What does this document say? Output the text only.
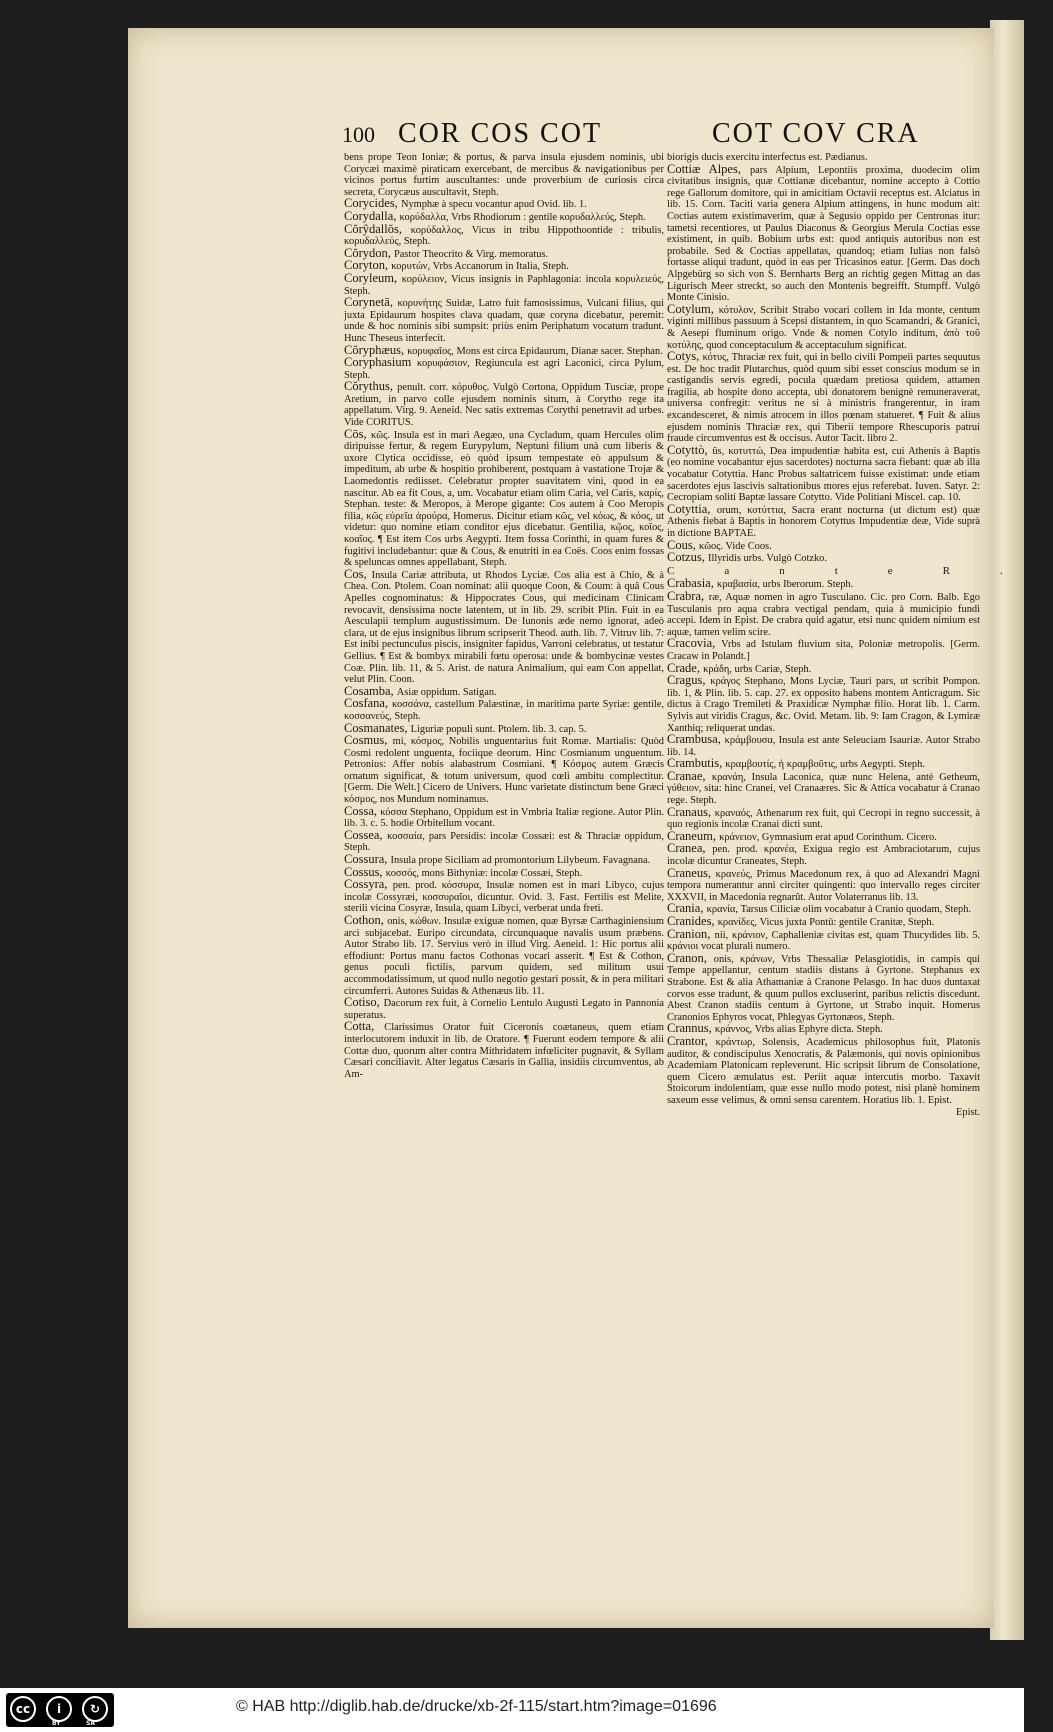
100 COR COS COT	COT COV CRA

bens prope Teon Ioniæ; & portus, & parva insula ejusdem nominis, ubi Corycæi maximè piraticam exercebant, de mercibus & navigationibus per vicinos portus furtim auscultantes: unde proverbium de curiosis circa secreta, Corycæus auscultavit, Steph.

Corycides, Nymphæ à specu vocantur apud Ovid. lib. 1.

Corydalla, κορύδαλλα, Vrbs Rhodiorum : gentile κορυδαλλεύς, Steph.

Cŏrŷdallŏs, κορύδαλλος, Vicus in tribu Hippothoontide : tribulis, κορυδαλλεύς, Steph.

Cŏrydon, Pastor Theocrito & Virg. memoratus.

Coryton, κορυτών, Vrbs Accanorum in Italia, Steph.

Coryleum, κορύλειον, Vicus insignis in Paphlagonia: incola κορυλειεύς, Steph.

Corynetā, κορυνήτης Suidæ, Latro fuit famosissimus, Vulcani filius, qui juxta Epidaurum hospites clava quadam, quæ coryna dicebatur, peremit: unde & hoc nominis sibi sumpsit: priùs enim Periphatum vocatum tradunt. Hunc Theseus interfecit.

Cŏryphæus, κορυφαῖος, Mons est circa Epidaurum, Dianæ sacer. Stephan.

Coryphasium κορυφάσιον, Regiuncula est agri Laconici, circa Pylum, Steph.

Cŏrythus, penult. corr. κόρυθος. Vulgò Cortona, Oppidum Tusciæ, prope Aretium, in parvo colle ejusdem nominis situm, à Corytho rege ita appellatum. Virg. 9. Aeneid. Nec satis extremas Corythi penetravit ad urbes. Vide CORITUS.

Cōs, κῶς. Insula est in mari Aegæo, una Cycladum, quam Hercules olim diripuisse fertur, & regem Eurypylum, Neptuni filium unà cum liberis & uxore Clytica occidisse, eò quòd ipsum tempestate eò appulsum & impeditum, ab urbe & hospitio prohiberent, postquam à vastatione Trojæ & Laomedontis rediisset. Celebratur propter suavitatem vini, quod in ea nascitur. Ab ea fit Cous, a, um. Vocabatur etiam olim Caria, vel Caris, καρίς, Stephan. teste: & Meropos, à Merope gigante: Cos autem à Coo Meropis filia, κῶς εὐρεῖα ἀρούρα, Homerus. Dicitur etiam κῶς, vel κόως, & κόος, ut videtur: quo nomine etiam conditor ejus dicebatur. Gentilia, κῷος, κοῖος, κοαῖος. ¶ Est item Cos urbs Aegypti. Item fossa Corinthi, in quam fures & fugitivi includebantur: quæ & Cous, & enutriti in ea Coës. Coos enim fossas & speluncas omnes appellabant, Steph.

Cos, Insula Cariæ attributa, ut Rhodos Lyciæ. Cos alia est à Chio, & à Chea. Con. Ptolem. Coan nominat: alii quoque Coon, & Coum: à quâ Cous Apelles cognominatus: & Hippocrates Cous, qui medicinam Clinicam revocavit, densissima nocte latentem, ut in lib. 29. scribit Plin. Fuit in ea Aesculapii templum augustissimum. De Iunonis æde nemo ignorat, adeò clara, ut de ejus insignibus librum scripserit Theod. auth. lib. 7. Vitruv lib. 7: Est inibi pectunculus piscis, insigniter fapidus, Varroni celebratus, ut testatur Gellius. ¶ Est & bombyx mirabili fœtu operosa: unde & bombycinæ vestes Coæ. Plin. lib. 11, & 5. Arist. de natura Animalium, qui eam Con appellat, velut Plin. Coon.

Cosamba, Asiæ oppidum. Satigan.

Cosfana, κοσσάνα, castellum Palæstinæ, in maritima parte Syriæ: gentile, κοσσανεύς, Steph.

Cosmanates, Liguriæ populi sunt. Ptolem. lib. 3. cap. 5.

Cosmus, mi, κόσμος, Nobilis unguentarius fuit Romæ. Martialis: Quòd Cosmi redolent unguenta, fociique deorum. Hinc Cosmianum unguentum. Petronius: Affer nobis alabastrum Cosmiani. ¶ Κόσμος autem Græcis ornatum significat, & totum universum, quod cœli ambitu complectitur. [Germ. Die Welt.] Cicero de Univers. Hunc varietate distinctum bene Græci κόσμος, nos Mundum nominamus.

Cossa, κόσσα Stephano, Oppidum est in Vmbria Italiæ regione. Autor Plin. lib. 3. c. 5. hodie Orbitellum vocant.

Cossea, κοσσαία, pars Persidis: incolæ Cossæi: est & Thraciæ oppidum, Steph.

Cossura, Insula prope Siciliam ad promontorium Lilybeum. Favagnana.

Cossus, κοσσός, mons Bithyniæ: incolæ Cossæi, Steph.

Cossyra, pen. prod. κόσσυρα, Insulæ nomen est in mari Libyco, cujus incolæ Cossyræi, κοσσυραῖοι, dicuntur. Ovid. 3. Fast. Fertilis est Melite, sterili vicina Cosyræ, Insula, quam Libyci, verberat unda freti.

Cothon, onis, κώθων. Insulæ exiguæ nomen, quæ Byrsæ Carthaginiensium arci subjacebat. Euripo circundata, circunquaque navalis usum præbens. Autor Strabo lib. 17. Servius verò in illud Virg. Aeneid. 1: Hic portus alii effodiunt: Portus manu factos Cothonas vocari asserit. ¶ Est & Cothon, genus poculi fictilis, parvum quidem, sed militum usui accommodatissimum, ut quod nullo negotio gestari possit, & in pera militari circumferri. Autores Suidas & Athenæus lib. 11.

Cotiso, Dacorum rex fuit, à Cornelio Lentulo Augusti Legato in Pannonia superatus.

Cotta, Clarissimus Orator fuit Ciceronis coætaneus, quem etiam interlocutorem induxit in lib. de Oratore. ¶ Fuerunt eodem tempore & alii Cottæ duo, quorum alter contra Mithridatem infœliciter pugnavit, & Syllam Cæsari conciliavit. Alter legatus Cæsaris in Gallia, insidiis circumventus, ab Am-

biorigis ducis exercitu interfectus est. Pædianus.

Cottiæ Alpes, pars Alpium, Lepontiis proxima, duodecim olim civitatibus insignis, quæ Cottianæ dicebantur, nomine accepto à Cottio rege Gallorum domitore, qui in amicitiam Octavii receptus est. Alciatus in lib. 15. Corn. Taciti varia genera Alpium attingens, in hunc modum ait: Coctias autem existimaverim, quæ à Segusio oppido per Centronas itur: tametsi recentiores, ut Paulus Diaconus & Georgius Merula Coctias esse existiment, in quib. Bobium urbs est: quod antiquis autoribus non est probabile. Sed & Coctias appellatas, quandoq; etiam Iulias non falsò fortasse aliqui tradunt, quòd in eas per Tricasinos eatur. [Germ. Das doch Alpgebürg so sich von S. Bernharts Berg an richtig gegen Mittag an das Ligurisch Meer streckt, so auch den Montenis begreifft. Stumpff. Vulgò Monte Cinisio.

Cotylum, κότυλον, Scribit Strabo vocari collem in Ida monte, centum viginti millibus passuum à Scepsi distantem, in quo Scamandri, & Granici, & Aesepi fluminum origo. Vnde & nomen Cotylo inditum, ἀπὸ τοῦ κοτύλης, quod conceptaculum & acceptaculum significat.

Cotys, κότυς, Thraciæ rex fuit, qui in bello civili Pompeii partes sequutus est. De hoc tradit Plutarchus, quòd quum sibi esset conscius modum se in castigandis servis egredi, pocula quædam pretiosa quidem, attamen fragilia, ab hospite dono accepta, ubi donatorem benignè remuneraverat, universa confregit: veritus ne si à ministris frangerentur, in iram excandesceret, & nimis atrocem in illos pœnam statueret. ¶ Fuit & alius ejusdem nominis Thraciæ rex, qui Tiberii tempore Rhescuporis patrui fraude circumventus est & occisus. Autor Tacit. libro 2.

Cotyttò, ûs, κοτυττώ, Dea impudentiæ habita est, cui Athenis à Baptis (eo nomine vocabantur ejus sacerdotes) nocturna sacra fiebant: quæ ab illa vocabatur Cotyttia. Hanc Probus saltatricem fuisse existimat: unde etiam sacerdotes ejus lascivis saltationibus mores ejus referebat. Iuven. Satyr. 2: Cecropiam soliti Baptæ lassare Cotytto. Vide Politiani Miscel. cap. 10.

Cotyttia, orum, κοτύττια, Sacra erant nocturna (ut dictum est) quæ Athenis fiebat à Baptis in honorem Cotyttus Impudentiæ deæ, Vide suprà in dictione BAPTAE.

Cous, κῶος. Vide Coos.

Cotzus, Illyridis urbs. Vulgò Cotzko.

CanteR.

Crabasia, κραβασία, urbs Iberorum. Steph.

Crabra, ræ, Aquæ nomen in agro Tusculano. Cic. pro Corn. Balb. Ego Tusculanis pro aqua crabra vectigal pendam, quia à municipio fundi accepi. Idem in Epist. De crabra quid agatur, etsi nunc quidem nimium est aquæ, tamen velim scire.

Cracovia, Vrbs ad Istulam fluvium sita, Poloniæ metropolis. [Germ. Cracaw in Polandt.]

Crade, κράδη, urbs Cariæ, Steph.

Cragus, κράγος Stephano, Mons Lyciæ, Tauri pars, ut scribit Pompon. lib. 1, & Plin. lib. 5. cap. 27. ex opposito habens montem Anticragum. Sic dictus à Crago Tremileti & Praxidicæ Nymphæ filio. Horat lib. 1. Carm. Sylvis aut viridis Cragus, &c. Ovid. Metam. lib. 9: Iam Cragon, & Lymiræ Xanthiq; reliquerat undas.

Crambusa, κράμβουσα, Insula est ante Seleuciam Isauriæ. Autor Strabo lib. 14.

Crambutis, κραμβουτίς, ἡ κραμβοῦτις, urbs Aegypti. Steph.

Cranae, κρανάη, Insula Laconica, quæ nunc Helena, antè Getheum, γύθειον, sita: hinc Cranei, vel Cranaæres. Sic & Attica vocabatur à Cranao rege. Steph.

Cranaus, κραναός, Athenarum rex fuit, qui Cecropi in regno successit, à quo regionis incolæ Cranai dicti sunt.

Craneum, κράνειον, Gymnasium erat apud Corinthum. Cicero.

Cranea, pen. prod. κρανέα, Exigua regio est Ambraciotarum, cujus incolæ dicuntur Craneates, Steph.

Craneus, κρανεύς, Primus Macedonum rex, à quo ad Alexandri Magni tempora numerantur anni circiter quingenti: quo intervallo reges circiter XXXVII, in Macedonia regnarût. Autor Volaterranus lib. 13.

Crania, κρανία, Tarsus Ciliciæ olim vocabatur à Cranio quodam, Steph.

Cranides, κρανίδες, Vicus juxta Pontū: gentile Cranitæ, Steph.

Cranion, nii, κράνιον, Caphalleniæ civitas est, quam Thucydides lib. 5. κράνιοι vocat plurali numero.

Cranon, onis, κράνων, Vrbs Thessaliæ Pelasgiotidis, in campis qui Tempe appellantur, centum stadiis distans à Gyrtone. Stephanus ex Strabone. Est & alia Athamaniæ à Cranone Pelasgo. In hac duos duntaxat corvos esse tradunt, & quum pullos excluserint, paribus relictis discedunt. Abest Cranon stadiis centum à Gyrtone, ut Strabo inquit. Homerus Cranonios Ephyros vocat, Phlegyas Gyrtonæos, Steph.

Crannus, κράννος, Vrbs alias Ephyre dicta. Steph.

Crantor, κράντωρ, Solensis, Academicus philosophus fuit, Platonis auditor, & condiscipulus Xenocratis, & Palæmonis, qui novis opinionibus Academiam Platonicam repleverunt. Hic scripsit librum de Consolatione, quem Cicero æmulatus est. Periit aquæ intercutis morbo. Taxavit Stoicorum indolentiam, quæ esse nullo modo potest, nisi planè hominem saxeum esse velimus, & omni sensu carentem. Horatius lib. 1. Epist.

Epist.
cc	i	↻
BY	SA
© HAB http://diglib.hab.de/drucke/xb-2f-115/start.htm?image=01696
